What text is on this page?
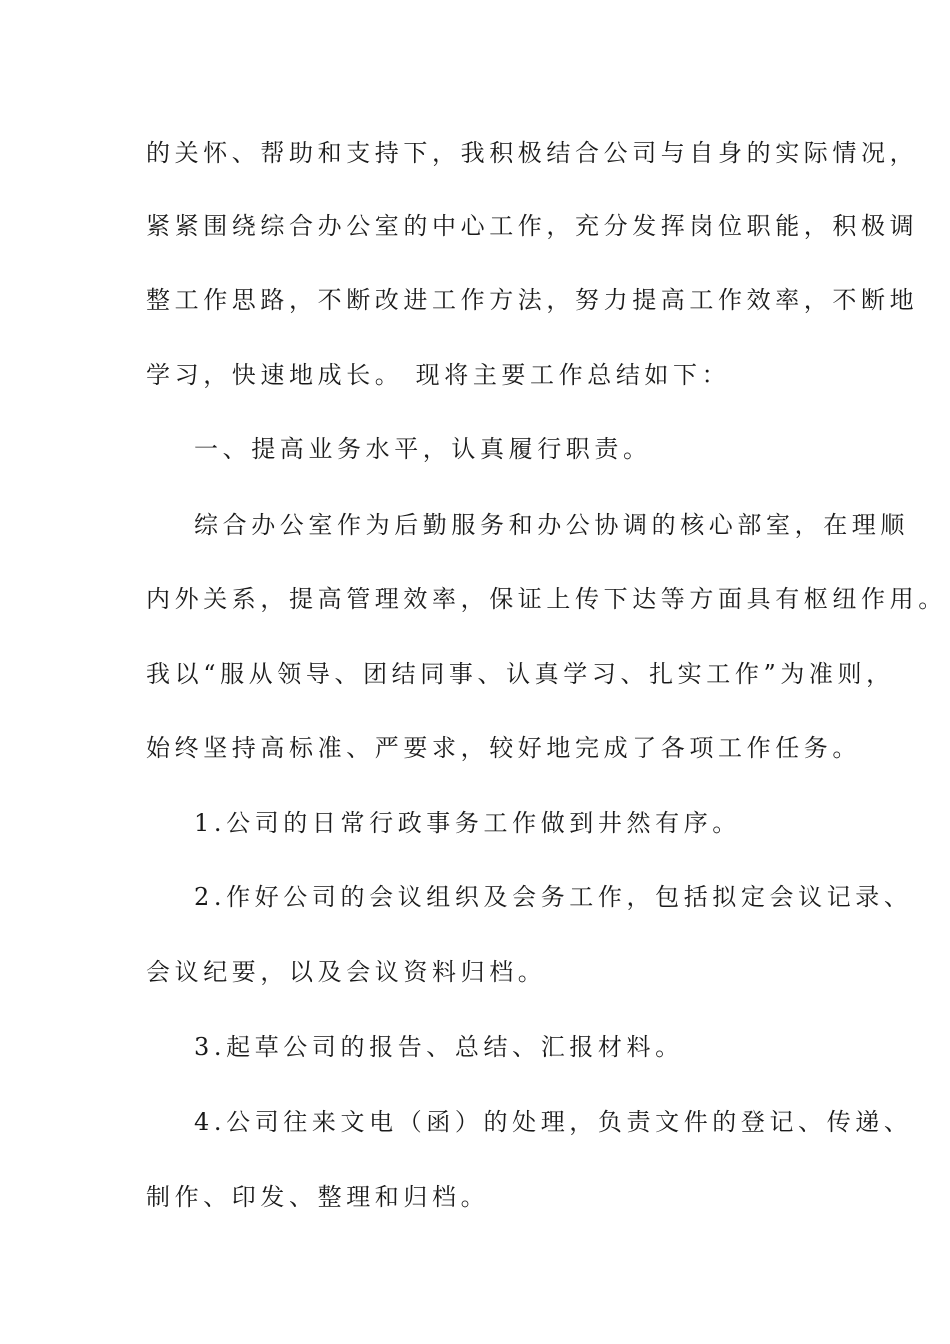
的关怀、帮助和支持下，我积极结合公司与自身的实际情况，
紧紧围绕综合办公室的中心工作，充分发挥岗位职能，积极调
整工作思路，不断改进工作方法，努力提高工作效率，不断地
学习，快速地成长。 现将主要工作总结如下：
一、提高业务水平，认真履行职责。
综合办公室作为后勤服务和办公协调的核心部室，在理顺
内外关系，提高管理效率，保证上传下达等方面具有枢纽作用。
我以“服从领导、团结同事、认真学习、扎实工作”为准则，
始终坚持高标准、严要求，较好地完成了各项工作任务。
1.公司的日常行政事务工作做到井然有序。
2.作好公司的会议组织及会务工作，包括拟定会议记录、
会议纪要，以及会议资料归档。
3.起草公司的报告、总结、汇报材料。
4.公司往来文电（函）的处理，负责文件的登记、传递、
制作、印发、整理和归档。
